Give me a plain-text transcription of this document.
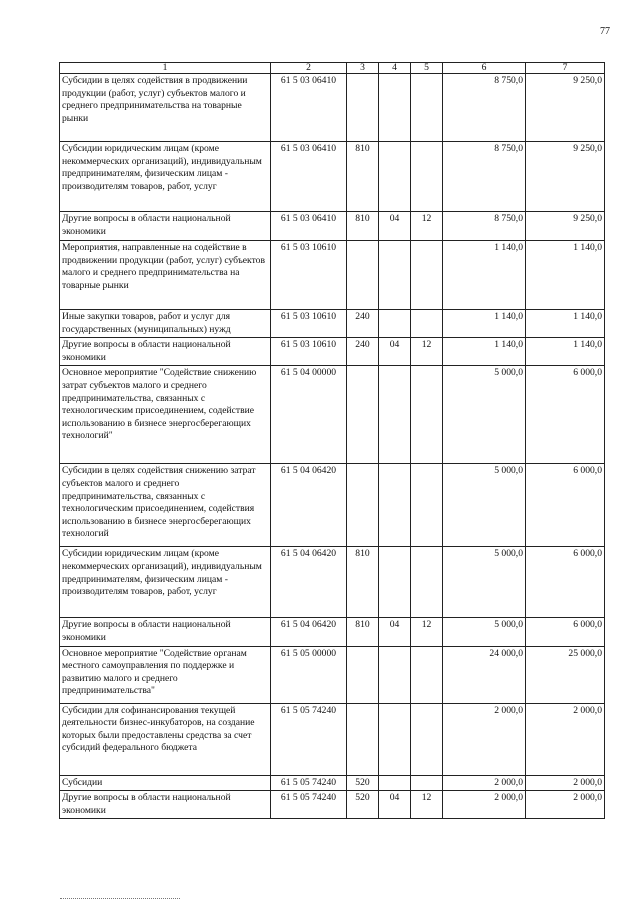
77
1	2	3	4	5	6	7
Субсидии в целях содействия в продвижении продукции (работ, услуг) субъектов малого и среднего предпринимательства на товарные рынки	61 5 03 06410				8 750,0	9 250,0
Субсидии юридическим лицам (кроме некоммерческих организаций), индивидуальным предпринимателям, физическим лицам - производителям товаров, работ, услуг	61 5 03 06410	810			8 750,0	9 250,0
Другие вопросы в области национальной экономики	61 5 03 06410	810	04	12	8 750,0	9 250,0
Мероприятия, направленные на содействие в продвижении продукции (работ, услуг) субъектов малого и среднего предпринимательства на товарные рынки	61 5 03 10610				1 140,0	1 140,0
Иные закупки товаров, работ и услуг для государственных (муниципальных) нужд	61 5 03 10610	240			1 140,0	1 140,0
Другие вопросы в области национальной экономики	61 5 03 10610	240	04	12	1 140,0	1 140,0
Основное мероприятие "Содействие снижению затрат субъектов малого и среднего предпринимательства, связанных с технологическим присоединением, содействие использованию в бизнесе энергосберегающих технологий"	61 5 04 00000				5 000,0	6 000,0
Субсидии в целях содействия снижению затрат субъектов малого и среднего предпринимательства, связанных с технологическим присоединением, содействия использованию в бизнесе энергосберегающих технологий	61 5 04 06420				5 000,0	6 000,0
Субсидии юридическим лицам (кроме некоммерческих организаций), индивидуальным предпринимателям, физическим лицам - производителям товаров, работ, услуг	61 5 04 06420	810			5 000,0	6 000,0
Другие вопросы в области национальной экономики	61 5 04 06420	810	04	12	5 000,0	6 000,0
Основное мероприятие "Содействие органам местного самоуправления по поддержке и развитию малого и среднего предпринимательства"	61 5 05 00000				24 000,0	25 000,0
Субсидии для софинансирования текущей деятельности бизнес-инкубаторов, на создание которых были предоставлены средства за счет субсидий федерального бюджета	61 5 05 74240				2 000,0	2 000,0
Субсидии	61 5 05 74240	520			2 000,0	2 000,0
Другие вопросы в области национальной экономики	61 5 05 74240	520	04	12	2 000,0	2 000,0
